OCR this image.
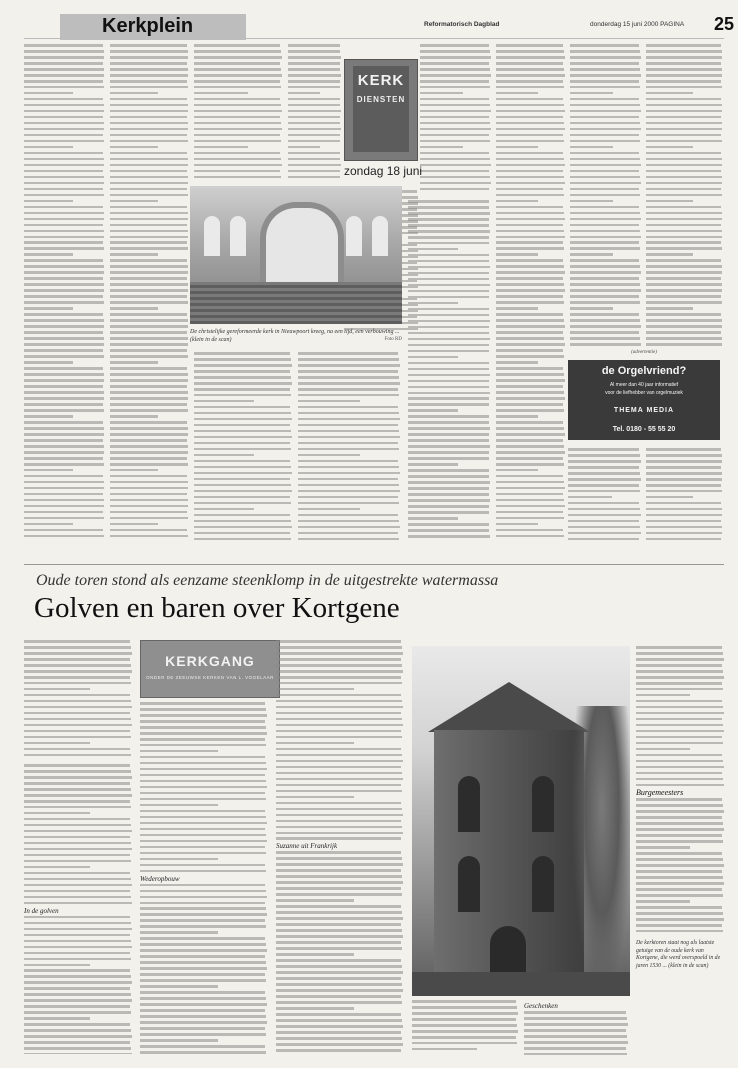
Kerkplein	Reformatorisch Dagblad	donderdag 15 juni 2000 PAGINA 25
KERK
DIENSTEN
zondag 18 juni
De christelijke gereformeerde kerk in Nieuwpoort kreeg, na een tijd, een verbouwing ... (klein in de scan)	Foto RD
(advertentie)
de Orgelvriend?
Al meer dan 40 jaar informatief
voor de liefhebber van orgelmuziek
THEMA MEDIA
Tel. 0180 - 55 55 20
Oude toren stond als eenzame steenklomp in de uitgestrekte watermassa
Golven en baren over Kortgene
KERKGANG
ONDER DE ZEEUWSE KERKEN VAN L. VOGELAAR
In de golven
Wederopbouw
Suzanne uit Frankrijk
Geschenken
Burgemeesters
De kerktoren staat nog als laatste getuige van de oude kerk van Kortgene, die werd overspoeld in de jaren 1530 ... (klein in de scan)
